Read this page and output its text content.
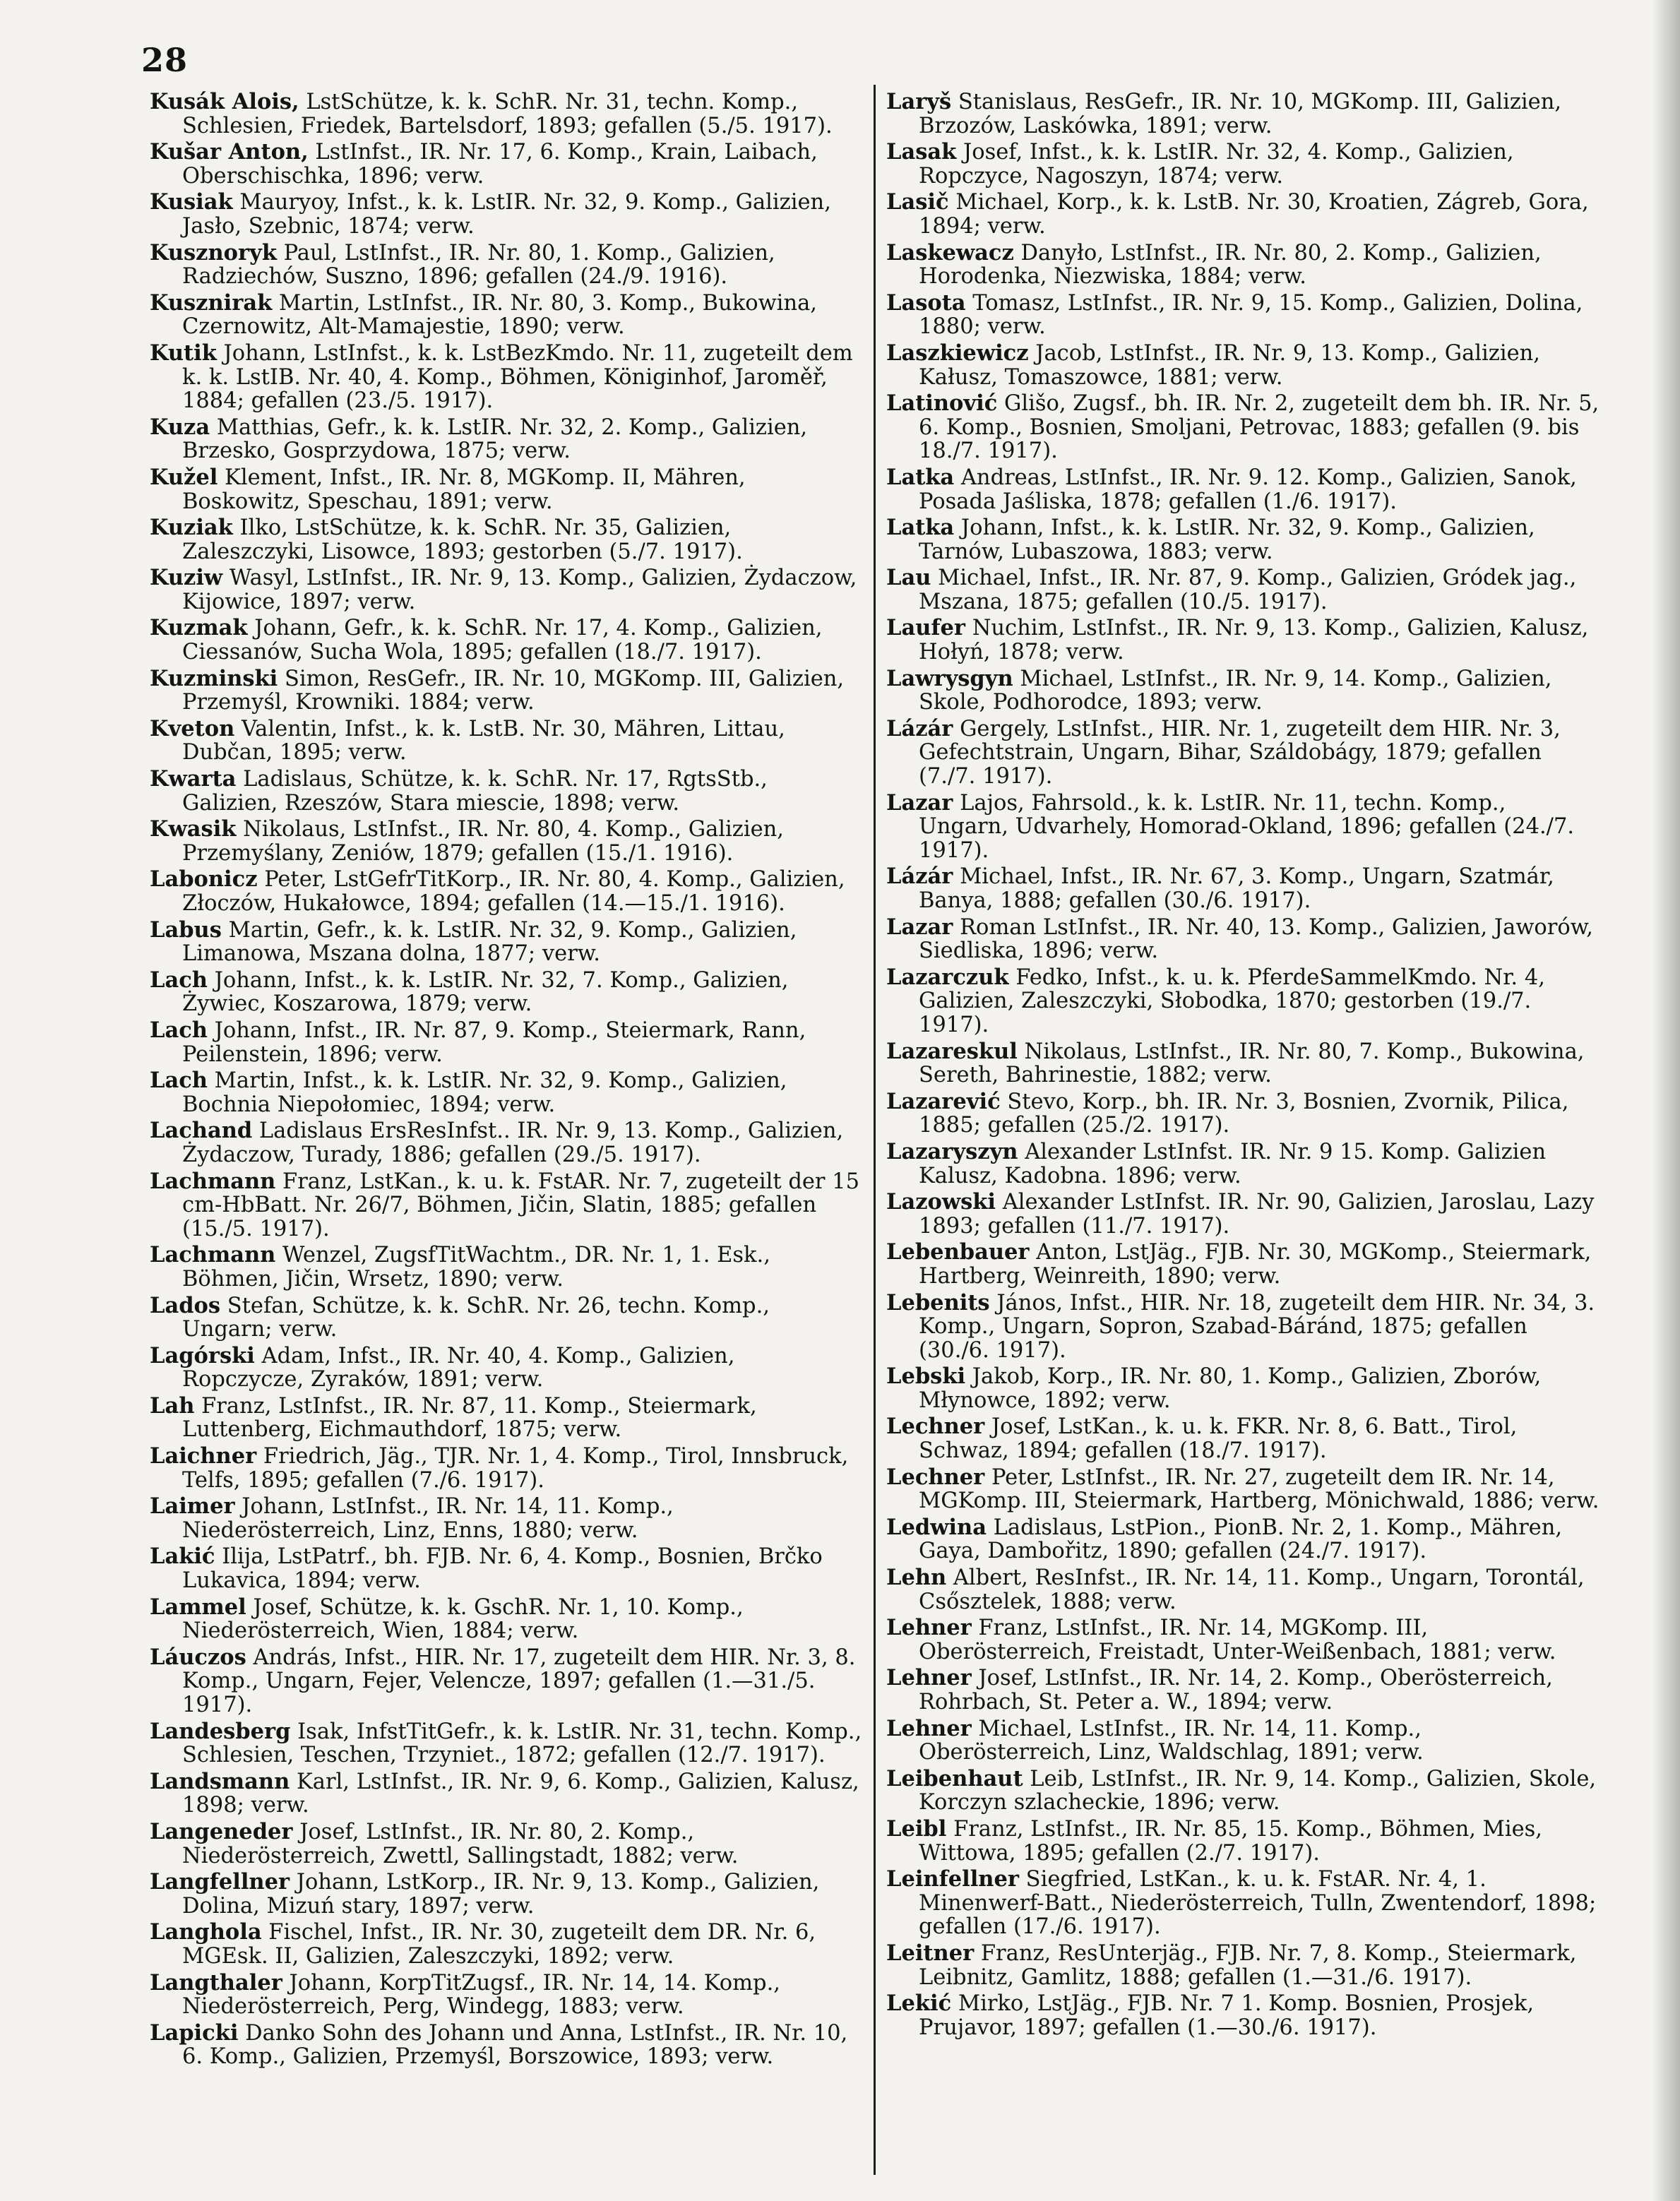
28

Kusák Alois, LstSchütze, k. k. SchR. Nr. 31, techn. Komp., Schlesien, Friedek, Bartelsdorf, 1893; gefallen (5./5. 1917).

Kušar Anton, LstInfst., IR. Nr. 17, 6. Komp., Krain, Laibach, Oberschischka, 1896; verw.

Kusiak Mauryoy, Infst., k. k. LstIR. Nr. 32, 9. Komp., Galizien, Jasło, Szebnic, 1874; verw.

Kusznoryk Paul, LstInfst., IR. Nr. 80, 1. Komp., Galizien, Radziechów, Suszno, 1896; gefallen (24./9. 1916).

Kusznirak Martin, LstInfst., IR. Nr. 80, 3. Komp., Bukowina, Czernowitz, Alt-Mamajestie, 1890; verw.

Kutik Johann, LstInfst., k. k. LstBezKmdo. Nr. 11, zugeteilt dem k. k. LstIB. Nr. 40, 4. Komp., Böhmen, Königinhof, Jaroměř, 1884; gefallen (23./5. 1917).

Kuza Matthias, Gefr., k. k. LstIR. Nr. 32, 2. Komp., Galizien, Brzesko, Gosprzydowa, 1875; verw.

Kužel Klement, Infst., IR. Nr. 8, MGKomp. II, Mähren, Boskowitz, Speschau, 1891; verw.

Kuziak Ilko, LstSchütze, k. k. SchR. Nr. 35, Galizien, Zaleszczyki, Lisowce, 1893; gestorben (5./7. 1917).

Kuziw Wasyl, LstInfst., IR. Nr. 9, 13. Komp., Galizien, Żydaczow, Kijowice, 1897; verw.

Kuzmak Johann, Gefr., k. k. SchR. Nr. 17, 4. Komp., Galizien, Ciessanów, Sucha Wola, 1895; gefallen (18./7. 1917).

Kuzminski Simon, ResGefr., IR. Nr. 10, MGKomp. III, Galizien, Przemyśl, Krowniki. 1884; verw.

Kveton Valentin, Infst., k. k. LstB. Nr. 30, Mähren, Littau, Dubčan, 1895; verw.

Kwarta Ladislaus, Schütze, k. k. SchR. Nr. 17, RgtsStb., Galizien, Rzeszów, Stara miescie, 1898; verw.

Kwasik Nikolaus, LstInfst., IR. Nr. 80, 4. Komp., Galizien, Przemyślany, Zeniów, 1879; gefallen (15./1. 1916).

Labonicz Peter, LstGefrTitKorp., IR. Nr. 80, 4. Komp., Galizien, Złoczów, Hukałowce, 1894; gefallen (14.—15./1. 1916).

Labus Martin, Gefr., k. k. LstIR. Nr. 32, 9. Komp., Galizien, Limanowa, Mszana dolna, 1877; verw.

Lach Johann, Infst., k. k. LstIR. Nr. 32, 7. Komp., Galizien, Żywiec, Koszarowa, 1879; verw.

Lach Johann, Infst., IR. Nr. 87, 9. Komp., Steiermark, Rann, Peilenstein, 1896; verw.

Lach Martin, Infst., k. k. LstIR. Nr. 32, 9. Komp., Galizien, Bochnia Niepołomiec, 1894; verw.

Lachand Ladislaus ErsResInfst.. IR. Nr. 9, 13. Komp., Galizien, Żydaczow, Turady, 1886; gefallen (29./5. 1917).

Lachmann Franz, LstKan., k. u. k. FstAR. Nr. 7, zugeteilt der 15 cm-HbBatt. Nr. 26/7, Böhmen, Jičin, Slatin, 1885; gefallen (15./5. 1917).

Lachmann Wenzel, ZugsfTitWachtm., DR. Nr. 1, 1. Esk., Böhmen, Jičin, Wrsetz, 1890; verw.

Lados Stefan, Schütze, k. k. SchR. Nr. 26, techn. Komp., Ungarn; verw.

Lagórski Adam, Infst., IR. Nr. 40, 4. Komp., Galizien, Ropczycze, Zyraków, 1891; verw.

Lah Franz, LstInfst., IR. Nr. 87, 11. Komp., Steiermark, Luttenberg, Eichmauthdorf, 1875; verw.

Laichner Friedrich, Jäg., TJR. Nr. 1, 4. Komp., Tirol, Innsbruck, Telfs, 1895; gefallen (7./6. 1917).

Laimer Johann, LstInfst., IR. Nr. 14, 11. Komp., Niederösterreich, Linz, Enns, 1880; verw.

Lakić Ilija, LstPatrf., bh. FJB. Nr. 6, 4. Komp., Bosnien, Brčko Lukavica, 1894; verw.

Lammel Josef, Schütze, k. k. GschR. Nr. 1, 10. Komp., Niederösterreich, Wien, 1884; verw.

Láuczos András, Infst., HIR. Nr. 17, zugeteilt dem HIR. Nr. 3, 8. Komp., Ungarn, Fejer, Velencze, 1897; gefallen (1.—31./5. 1917).

Landesberg Isak, InfstTitGefr., k. k. LstIR. Nr. 31, techn. Komp., Schlesien, Teschen, Trzyniet., 1872; gefallen (12./7. 1917).

Landsmann Karl, LstInfst., IR. Nr. 9, 6. Komp., Galizien, Kalusz, 1898; verw.

Langeneder Josef, LstInfst., IR. Nr. 80, 2. Komp., Niederösterreich, Zwettl, Sallingstadt, 1882; verw.

Langfellner Johann, LstKorp., IR. Nr. 9, 13. Komp., Galizien, Dolina, Mizuń stary, 1897; verw.

Langhola Fischel, Infst., IR. Nr. 30, zugeteilt dem DR. Nr. 6, MGEsk. II, Galizien, Zaleszczyki, 1892; verw.

Langthaler Johann, KorpTitZugsf., IR. Nr. 14, 14. Komp., Niederösterreich, Perg, Windegg, 1883; verw.

Lapicki Danko Sohn des Johann und Anna, LstInfst., IR. Nr. 10, 6. Komp., Galizien, Przemyśl, Borszowice, 1893; verw.

Laryš Stanislaus, ResGefr., IR. Nr. 10, MGKomp. III, Galizien, Brzozów, Laskówka, 1891; verw.

Lasak Josef, Infst., k. k. LstIR. Nr. 32, 4. Komp., Galizien, Ropczyce, Nagoszyn, 1874; verw.

Lasič Michael, Korp., k. k. LstB. Nr. 30, Kroatien, Zágreb, Gora, 1894; verw.

Laskewacz Danyło, LstInfst., IR. Nr. 80, 2. Komp., Galizien, Horodenka, Niezwiska, 1884; verw.

Lasota Tomasz, LstInfst., IR. Nr. 9, 15. Komp., Galizien, Dolina, 1880; verw.

Laszkiewicz Jacob, LstInfst., IR. Nr. 9, 13. Komp., Galizien, Kałusz, Tomaszowce, 1881; verw.

Latinović Glišo, Zugsf., bh. IR. Nr. 2, zugeteilt dem bh. IR. Nr. 5, 6. Komp., Bosnien, Smoljani, Petrovac, 1883; gefallen (9. bis 18./7. 1917).

Latka Andreas, LstInfst., IR. Nr. 9. 12. Komp., Galizien, Sanok, Posada Jaśliska, 1878; gefallen (1./6. 1917).

Latka Johann, Infst., k. k. LstIR. Nr. 32, 9. Komp., Galizien, Tarnów, Lubaszowa, 1883; verw.

Lau Michael, Infst., IR. Nr. 87, 9. Komp., Galizien, Gródek jag., Mszana, 1875; gefallen (10./5. 1917).

Laufer Nuchim, LstInfst., IR. Nr. 9, 13. Komp., Galizien, Kalusz, Hołyń, 1878; verw.

Lawrysgyn Michael, LstInfst., IR. Nr. 9, 14. Komp., Galizien, Skole, Podhorodce, 1893; verw.

Lázár Gergely, LstInfst., HIR. Nr. 1, zugeteilt dem HIR. Nr. 3, Gefechtstrain, Ungarn, Bihar, Száldobágy, 1879; gefallen (7./7. 1917).

Lazar Lajos, Fahrsold., k. k. LstIR. Nr. 11, techn. Komp., Ungarn, Udvarhely, Homorad-Okland, 1896; gefallen (24./7. 1917).

Lázár Michael, Infst., IR. Nr. 67, 3. Komp., Ungarn, Szatmár, Banya, 1888; gefallen (30./6. 1917).

Lazar Roman LstInfst., IR. Nr. 40, 13. Komp., Galizien, Jaworów, Siedliska, 1896; verw.

Lazarczuk Fedko, Infst., k. u. k. PferdeSammelKmdo. Nr. 4, Galizien, Zaleszczyki, Słobodka, 1870; gestorben (19./7. 1917).

Lazareskul Nikolaus, LstInfst., IR. Nr. 80, 7. Komp., Bukowina, Sereth, Bahrinestie, 1882; verw.

Lazarević Stevo, Korp., bh. IR. Nr. 3, Bosnien, Zvornik, Pilica, 1885; gefallen (25./2. 1917).

Lazaryszyn Alexander LstInfst. IR. Nr. 9 15. Komp. Galizien Kalusz, Kadobna. 1896; verw.

Lazowski Alexander LstInfst. IR. Nr. 90, Galizien, Jaroslau, Lazy 1893; gefallen (11./7. 1917).

Lebenbauer Anton, LstJäg., FJB. Nr. 30, MGKomp., Steiermark, Hartberg, Weinreith, 1890; verw.

Lebenits János, Infst., HIR. Nr. 18, zugeteilt dem HIR. Nr. 34, 3. Komp., Ungarn, Sopron, Szabad-Báránd, 1875; gefallen (30./6. 1917).

Lebski Jakob, Korp., IR. Nr. 80, 1. Komp., Galizien, Zborów, Młynowce, 1892; verw.

Lechner Josef, LstKan., k. u. k. FKR. Nr. 8, 6. Batt., Tirol, Schwaz, 1894; gefallen (18./7. 1917).

Lechner Peter, LstInfst., IR. Nr. 27, zugeteilt dem IR. Nr. 14, MGKomp. III, Steiermark, Hartberg, Mönichwald, 1886; verw.

Ledwina Ladislaus, LstPion., PionB. Nr. 2, 1. Komp., Mähren, Gaya, Dambořitz, 1890; gefallen (24./7. 1917).

Lehn Albert, ResInfst., IR. Nr. 14, 11. Komp., Ungarn, Torontál, Csősztelek, 1888; verw.

Lehner Franz, LstInfst., IR. Nr. 14, MGKomp. III, Oberösterreich, Freistadt, Unter-Weißenbach, 1881; verw.

Lehner Josef, LstInfst., IR. Nr. 14, 2. Komp., Oberösterreich, Rohrbach, St. Peter a. W., 1894; verw.

Lehner Michael, LstInfst., IR. Nr. 14, 11. Komp., Oberösterreich, Linz, Waldschlag, 1891; verw.

Leibenhaut Leib, LstInfst., IR. Nr. 9, 14. Komp., Galizien, Skole, Korczyn szlacheckie, 1896; verw.

Leibl Franz, LstInfst., IR. Nr. 85, 15. Komp., Böhmen, Mies, Wittowa, 1895; gefallen (2./7. 1917).

Leinfellner Siegfried, LstKan., k. u. k. FstAR. Nr. 4, 1. Minenwerf-Batt., Niederösterreich, Tulln, Zwentendorf, 1898; gefallen (17./6. 1917).

Leitner Franz, ResUnterjäg., FJB. Nr. 7, 8. Komp., Steiermark, Leibnitz, Gamlitz, 1888; gefallen (1.—31./6. 1917).

Lekić Mirko, LstJäg., FJB. Nr. 7 1. Komp. Bosnien, Prosjek, Prujavor, 1897; gefallen (1.—30./6. 1917).
